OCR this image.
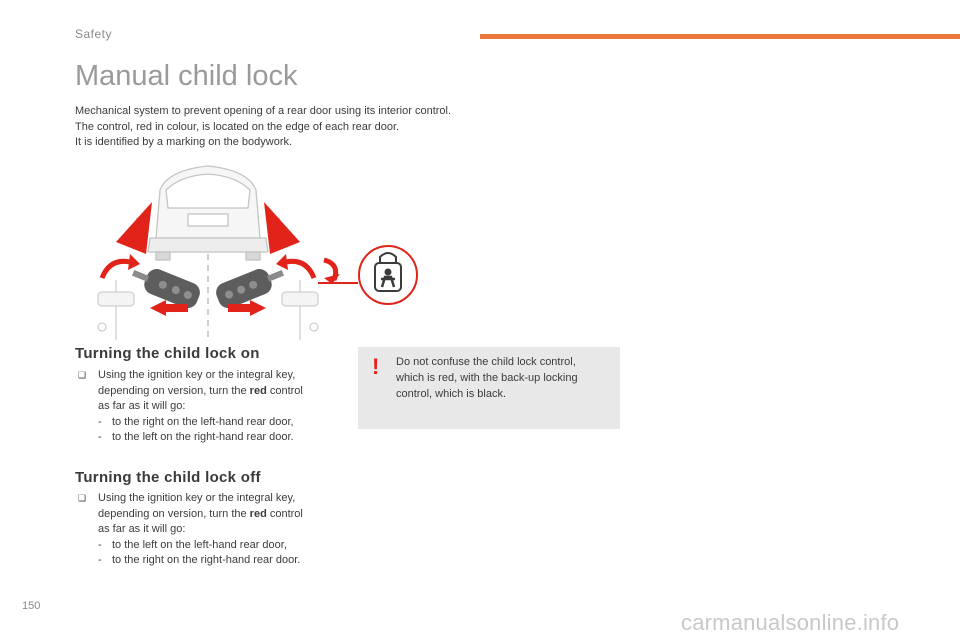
Safety
Manual child lock
Mechanical system to prevent opening of a rear door using its interior control.
The control, red in colour, is located on the edge of each rear door.
It is identified by a marking on the bodywork.
Turning the child lock on
❑ Using the ignition key or the integral key,
depending on version, turn the red control
as far as it will go:
- to the right on the left-hand rear door,
- to the left on the right-hand rear door.
Turning the child lock off
❑ Using the ignition key or the integral key,
depending on version, turn the red control
as far as it will go:
- to the left on the left-hand rear door,
- to the right on the right-hand rear door.
! Do not confuse the child lock control,
which is red, with the back-up locking
control, which is black.
150
carmanualsonline.info
